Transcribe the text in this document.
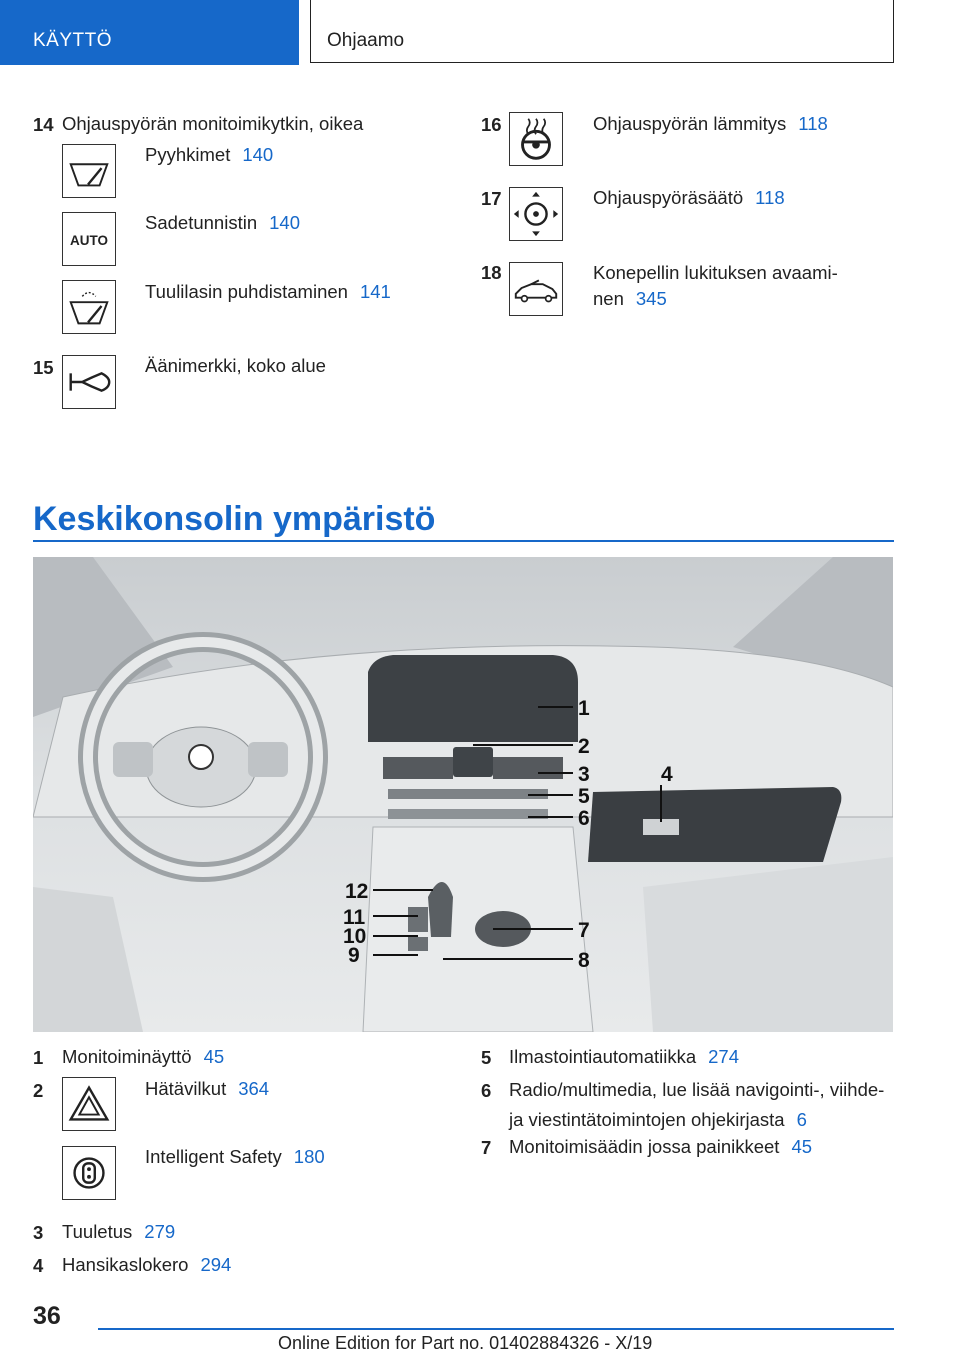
KÄYTTÖ	Ohjaamo
14 Ohjauspyörän monitoimikytkin, oikea
Pyyhkimet 140
AUTO
Sadetunnistin 140
Tuulilasin puhdistaminen 141
15	Äänimerkki, koko alue
16	Ohjauspyörän lämmitys 118
17	Ohjauspyöräsäätö 118
18	Konepellin lukituksen avaami-
nen 345
Keskikonsolin ympäristö
1
2
3	4
5
6
7
8
9
10
11
12
1 Monitoiminäyttö 45
2	Hätävilkut 364
Intelligent Safety 180
3 Tuuletus 279
4 Hansikaslokero 294
5 Ilmastointiautomatiikka 274
6 Radio/multimedia, lue lisää navigointi-, viihde-
ja viestintätoimintojen ohjekirjasta 6
7 Monitoimisäädin jossa painikkeet 45
36
Online Edition for Part no. 01402884326 - X/19
